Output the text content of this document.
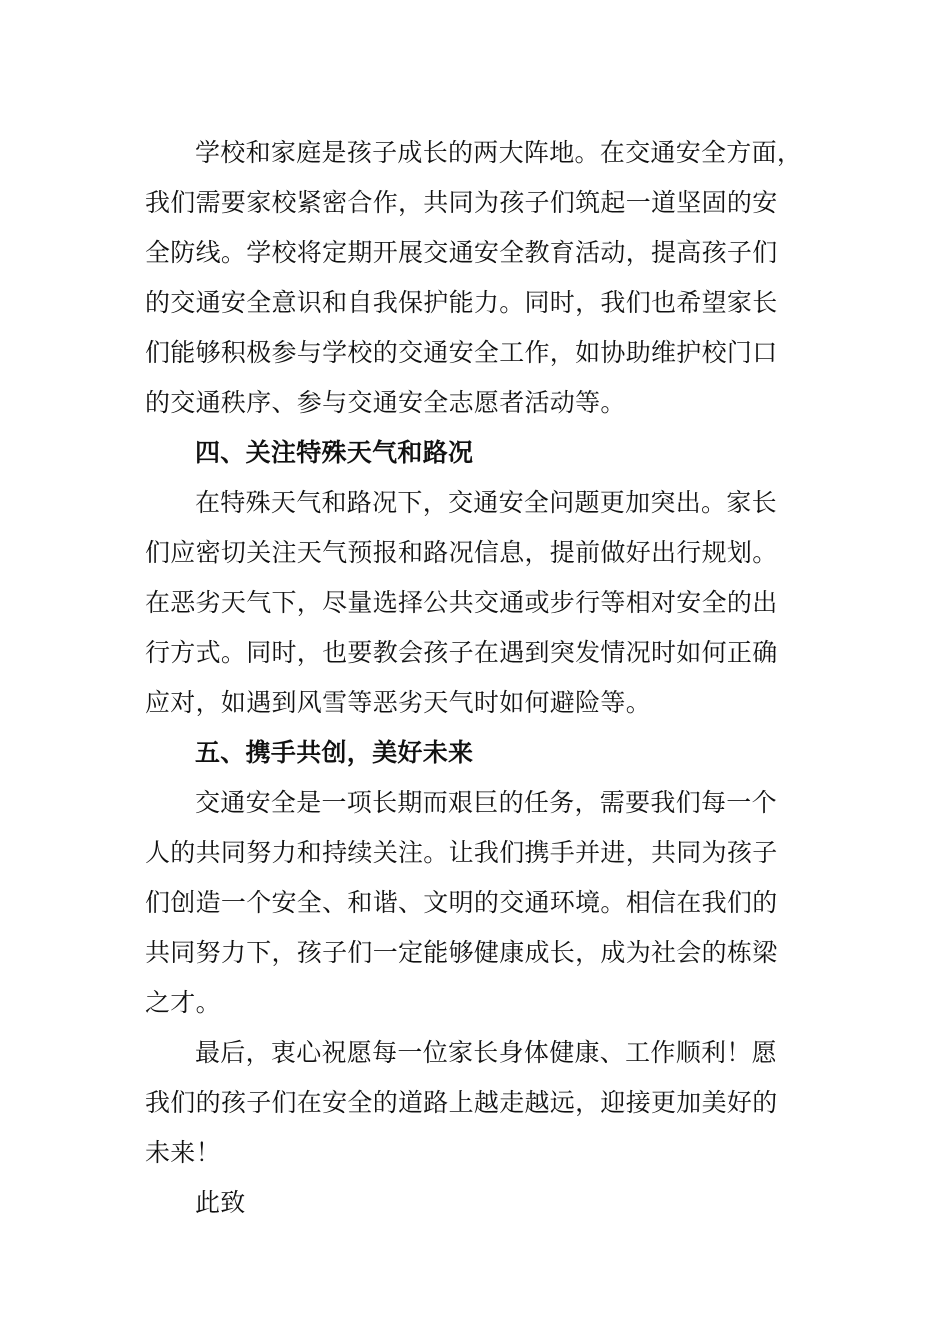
学校和家庭是孩子成长的两大阵地。在交通安全方面，
我们需要家校紧密合作，共同为孩子们筑起一道坚固的安
全防线。学校将定期开展交通安全教育活动，提高孩子们
的交通安全意识和自我保护能力。同时，我们也希望家长
们能够积极参与学校的交通安全工作，如协助维护校门口
的交通秩序、参与交通安全志愿者活动等。
四、关注特殊天气和路况
在特殊天气和路况下，交通安全问题更加突出。家长
们应密切关注天气预报和路况信息，提前做好出行规划。
在恶劣天气下，尽量选择公共交通或步行等相对安全的出
行方式。同时，也要教会孩子在遇到突发情况时如何正确
应对，如遇到风雪等恶劣天气时如何避险等。
五、携手共创，美好未来
交通安全是一项长期而艰巨的任务，需要我们每一个
人的共同努力和持续关注。让我们携手并进，共同为孩子
们创造一个安全、和谐、文明的交通环境。相信在我们的
共同努力下，孩子们一定能够健康成长，成为社会的栋梁
之才。
最后，衷心祝愿每一位家长身体健康、工作顺利！愿
我们的孩子们在安全的道路上越走越远，迎接更加美好的
未来！
此致
